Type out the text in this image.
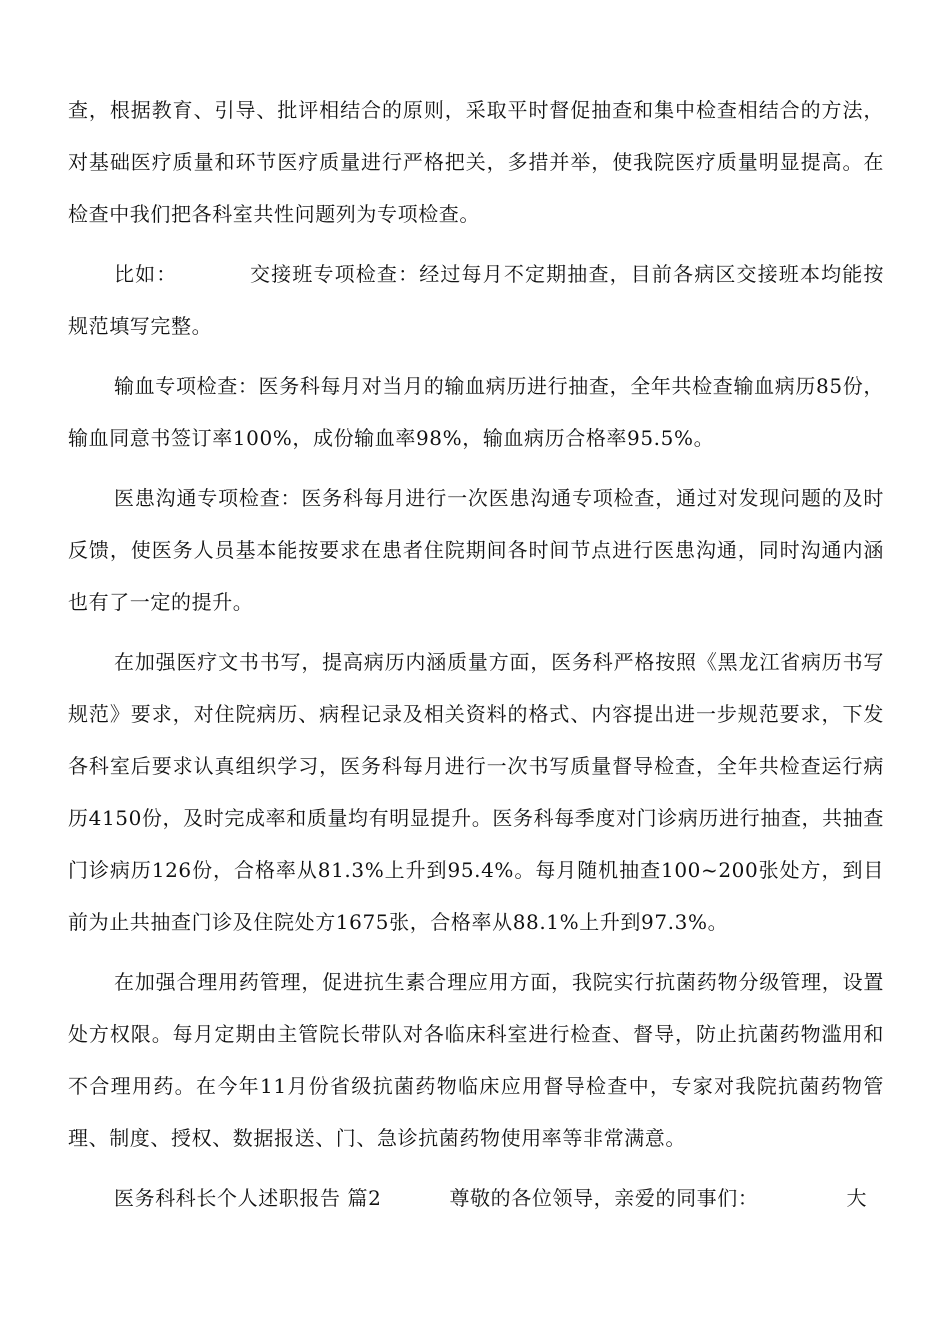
查，根据教育、引导、批评相结合的原则，采取平时督促抽查和集中检查相结合的方法，对基础医疗质量和环节医疗质量进行严格把关，多措并举，使我院医疗质量明显提高。在检查中我们把各科室共性问题列为专项检查。

比如：	交接班专项检查：经过每月不定期抽查，目前各病区交接班本均能按规范填写完整。

输血专项检查：医务科每月对当月的输血病历进行抽查，全年共检查输血病历85份，输血同意书签订率100%，成份输血率98%，输血病历合格率95.5%。

医患沟通专项检查：医务科每月进行一次医患沟通专项检查，通过对发现问题的及时反馈，使医务人员基本能按要求在患者住院期间各时间节点进行医患沟通，同时沟通内涵也有了一定的提升。

在加强医疗文书书写，提高病历内涵质量方面，医务科严格按照《黑龙江省病历书写规范》要求，对住院病历、病程记录及相关资料的格式、内容提出进一步规范要求，下发各科室后要求认真组织学习，医务科每月进行一次书写质量督导检查，全年共检查运行病历4150份，及时完成率和质量均有明显提升。医务科每季度对门诊病历进行抽查，共抽查门诊病历126份，合格率从81.3%上升到95.4%。每月随机抽查100~200张处方，到目前为止共抽查门诊及住院处方1675张，合格率从88.1%上升到97.3%。

在加强合理用药管理，促进抗生素合理应用方面，我院实行抗菌药物分级管理，设置处方权限。每月定期由主管院长带队对各临床科室进行检查、督导，防止抗菌药物滥用和不合理用药。在今年11月份省级抗菌药物临床应用督导检查中，专家对我院抗菌药物管理、制度、授权、数据报送、门、急诊抗菌药物使用率等非常满意。

医务科科长个人述职报告 篇2	尊敬的各位领导，亲爱的同事们：	大
